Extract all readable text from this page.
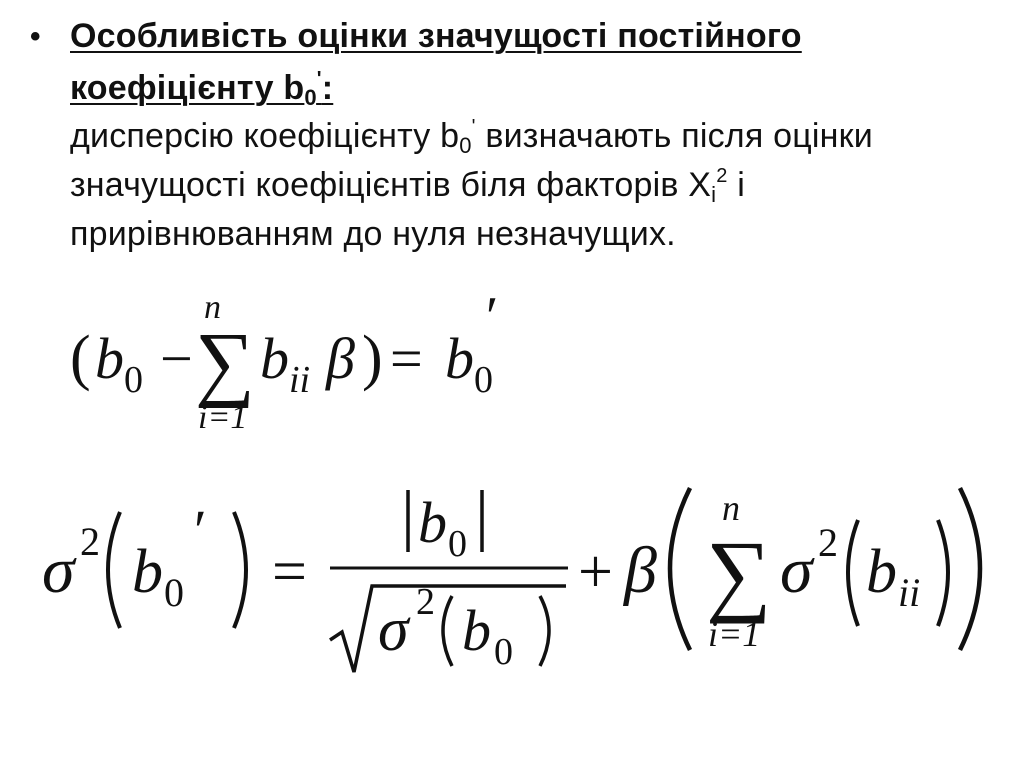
• Особливість оцінки значущості постійного
коефіцієнту $b_0'$:
дисперсію коефіцієнту $b_0'$ визначають після оцінки
значущості коефіцієнтів біля факторів $X_i^2$ і
прирівнюванням до нуля незначущих.
( b 0 −
n
∑
i=1
b ii β ) = b 0
′
σ 2 b 0
′
=
b 0
σ 2 b 0
+ β
n
∑
i=1
σ 2 b ii
